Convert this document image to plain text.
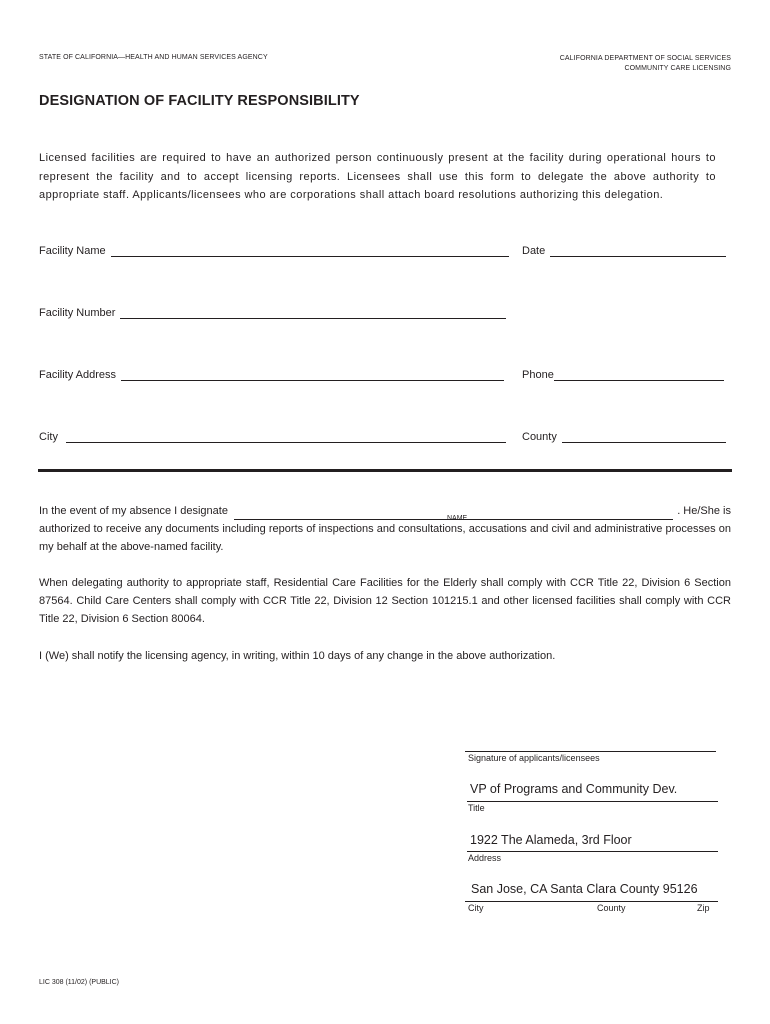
STATE OF CALIFORNIA—HEALTH AND HUMAN SERVICES AGENCY	CALIFORNIA DEPARTMENT OF SOCIAL SERVICES
COMMUNITY CARE LICENSING
DESIGNATION OF FACILITY RESPONSIBILITY
Licensed facilities are required to have an authorized person continuously present at the facility during operational hours to represent the facility and to accept licensing reports. Licensees shall use this form to delegate the above authority to appropriate staff. Applicants/licensees who are corporations shall attach board resolutions authorizing this delegation.
Facility Name	Date
Facility Number
Facility Address	Phone
City	County
In the event of my absence I designate	. He/She is
authorized to receive any documents including reports of inspections and consultations, accusations and civil and administrative processes on my behalf at the above-named facility.
NAME
When delegating authority to appropriate staff, Residential Care Facilities for the Elderly shall comply with CCR Title 22, Division 6 Section 87564. Child Care Centers shall comply with CCR Title 22, Division 12 Section 101215.1 and other licensed facilities shall comply with CCR Title 22, Division 6 Section 80064.
I (We) shall notify the licensing agency, in writing, within 10 days of any change in the above authorization.
Signature of applicants/licensees
VP of Programs and Community Dev.
Title
1922 The Alameda, 3rd Floor
Address
San Jose, CA Santa Clara County 95126
City	County	Zip
LIC 308 (11/02) (PUBLIC)
